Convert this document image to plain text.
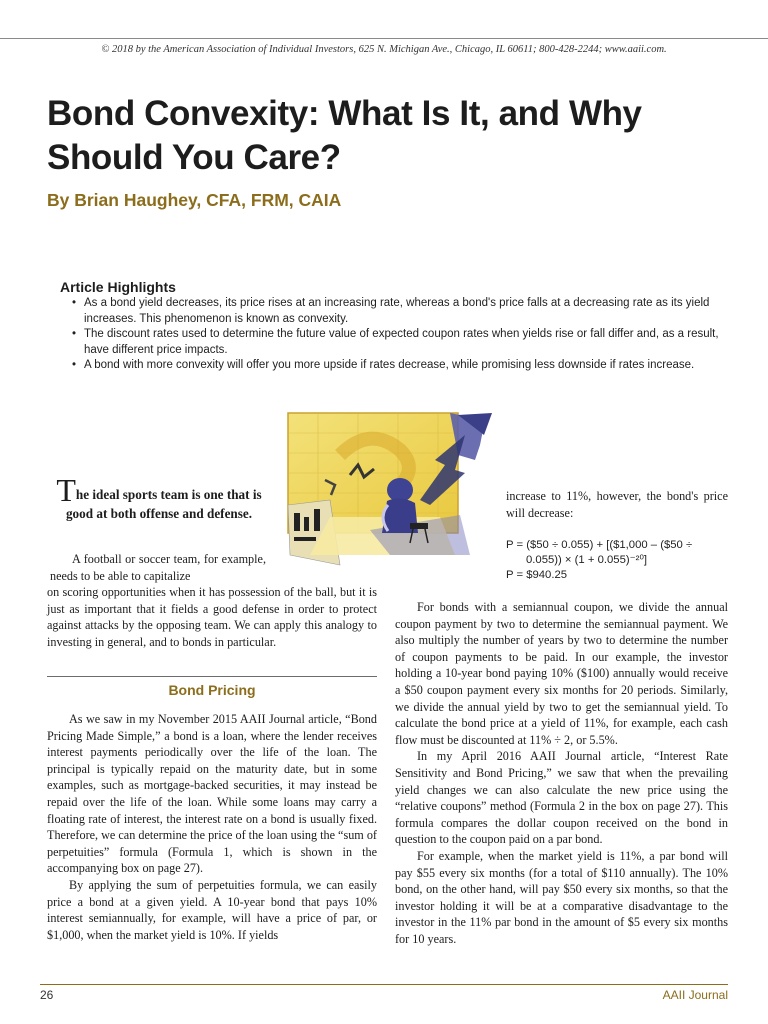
© 2018 by the American Association of Individual Investors, 625 N. Michigan Ave., Chicago, IL 60611; 800-428-2244; www.aaii.com.
Bond Convexity: What Is It, and Why Should You Care?
By Brian Haughey, CFA, FRM, CAIA
Article Highlights
• As a bond yield decreases, its price rises at an increasing rate, whereas a bond's price falls at a decreasing rate as its yield increases. This phenomenon is known as convexity.
• The discount rates used to determine the future value of expected coupon rates when yields rise or fall differ and, as a result, have different price impacts.
• A bond with more convexity will offer you more upside if rates decrease, while promising less downside if rates increase.
The ideal sports team is one that is good at both offense and defense.

A football or soccer team, for example, needs to be able to capitalize

on scoring opportunities when it has possession of the ball, but it is just as important that it fields a good defense in order to protect against attacks by the opposing team. We can apply this analogy to investing in general, and to bonds in particular.

Bond Pricing

As we saw in my November 2015 AAII Journal article, “Bond Pricing Made Simple,” a bond is a loan, where the lender receives interest payments periodically over the life of the loan. The principal is typically repaid on the maturity date, but in some examples, such as mortgage-backed securities, it may instead be repaid over the life of the loan. While some loans may carry a floating rate of interest, the interest rate on a bond is usually fixed. Therefore, we can determine the price of the loan using the “sum of perpetuities” formula (Formula 1, which is shown in the accompanying box on page 27).

By applying the sum of perpetuities formula, we can easily price a bond at a given yield. A 10-year bond that pays 10% interest semiannually, for example, will have a price of par, or $1,000, when the market yield is 10%. If yields

increase to 11%, however, the bond's price will decrease:

P = ($50 ÷ 0.055) + [($1,000 – ($50 ÷
0.055)) × (1 + 0.055)⁻²⁰]
P = $940.25

For bonds with a semiannual coupon, we divide the annual coupon payment by two to determine the semiannual payment. We also multiply the number of years by two to determine the number of coupon payments to be paid. In our example, the investor holding a 10-year bond paying 10% ($100) annually would receive a $50 coupon payment every six months for 20 periods. Similarly, we divide the annual yield by two to get the semiannual yield. To calculate the bond price at a yield of 11%, for example, each cash flow must be discounted at 11% ÷ 2, or 5.5%.

In my April 2016 AAII Journal article, “Interest Rate Sensitivity and Bond Pricing,” we saw that when the prevailing yield changes we can also calculate the new price using the “relative coupons” method (Formula 2 in the box on page 27). This formula compares the dollar coupon received on the bond in question to the coupon paid on a par bond.

For example, when the market yield is 11%, a par bond will pay $55 every six months (for a total of $110 annually). The 10% bond, on the other hand, will pay $50 every six months, so that the investor holding it will be at a comparative disadvantage to the investor in the 11% par bond in the amount of $5 every six months for 10 years.

26	AAII Journal
